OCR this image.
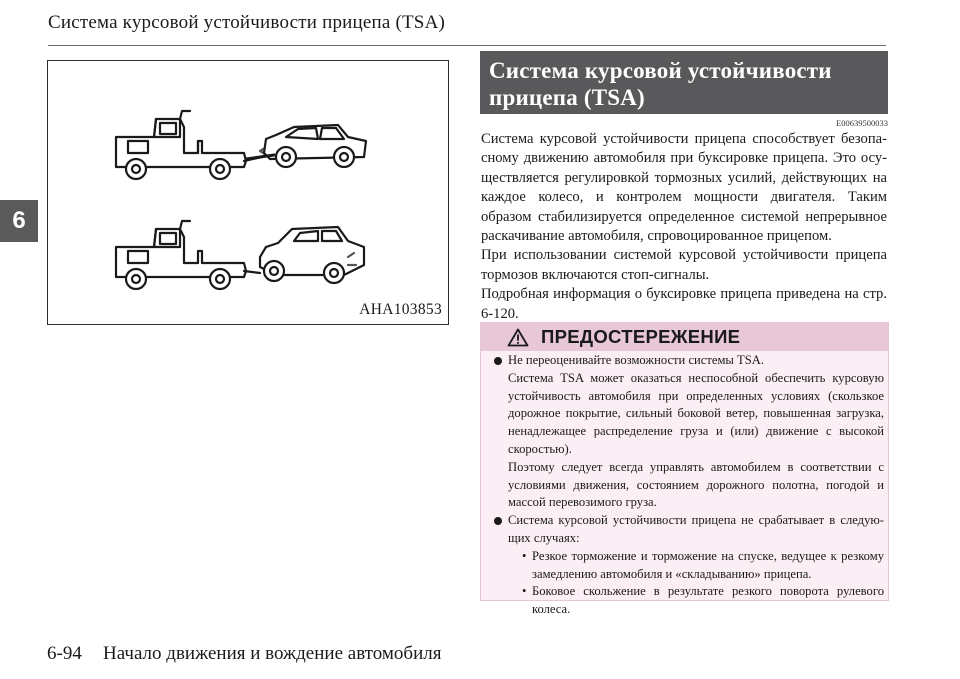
Система курсовой устойчивости прицепа (TSA)
6
AHA103853
Система курсовой устойчивости прицепа (TSA)
E00639500033

Система курсовой устойчивости прицепа способствует безопасному движению автомобиля при буксировке прицепа. Это осуществляется регулировкой тормозных усилий, действующих на каждое колесо, и контролем мощности двигателя. Таким образом стабилизируется определенное системой непрерывное раскачивание автомобиля, спровоцированное прицепом.

При использовании системой курсовой устойчивости прицепа тормозов включаются стоп-сигналы.

Подробная информация о буксировке прицепа приведена на стр. 6-120.

ПРЕДОСТЕРЕЖЕНИЕ
Не переоценивайте возможности системы TSA.
Система TSA может оказаться неспособной обеспечить курсовую устойчивость автомобиля при определенных условиях (скользкое дорожное покрытие, сильный боковой ветер, повышенная загрузка, ненадлежащее распределение груза и (или) движение с высокой скоростью).
Поэтому следует всегда управлять автомобилем в соответствии с условиями движения, состоянием дорожного полотна, погодой и массой перевозимого груза.
Система курсовой устойчивости прицепа не срабатывает в следующих случаях:
• Резкое торможение и торможение на спуске, ведущее к резкому замедлению автомобиля и «складыванию» прицепа.
• Боковое скольжение в результате резкого поворота рулевого колеса.
6-94 Начало движения и вождение автомобиля
